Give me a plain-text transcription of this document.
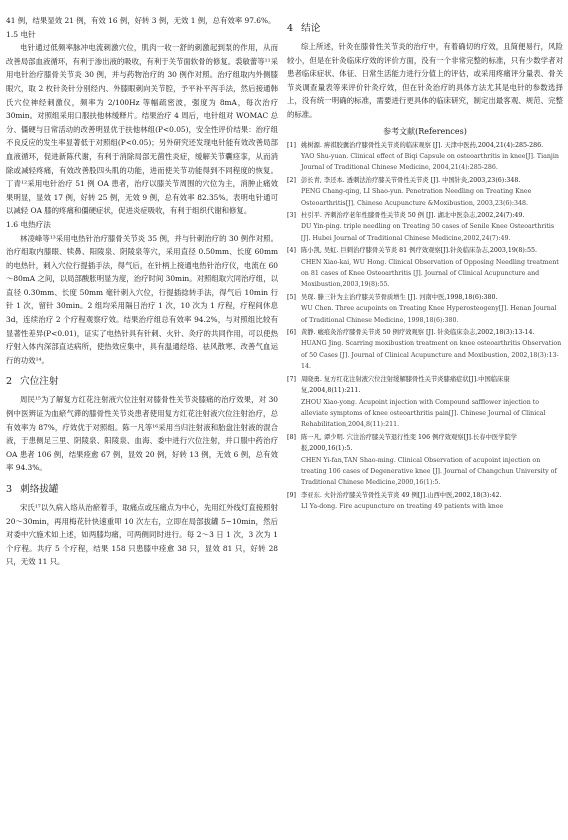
41 例，结果显效 21 例，有效 16 例，好转 3 例，无效 1 例，总有效率 97.6%。

1.5 电针

电针通过低频率脉冲电流刺激穴位，肌肉一收一舒的刺激起到泵的作用，从而改善局部血液循环，有利于渗出液的吸收，有利于关节面软骨的修复。裘敏蕾等¹¹采用电针治疗膝骨关节炎 30 例，并与药物治疗的 30 例作对照。治疗组取内外侧膝眼穴，取 2 枚针灸针分别经内、外膝眼刺向关节腔，予平补平泻手法，然后接通韩氏穴位神经刺激仪，频率为 2/100Hz 等幅疏密波，强度为 8mA，每次治疗 30min。对照组采用口服扶他林缓释片。结果治疗 4 周后，电针组对 WOMAC 总分、僵硬与日常活动的改善明显优于扶他林组(P<0.05)，安全性评价结果：治疗组不良反应的发生率显著低于对照组(P<0.05)；另外研究还发现电针能有效改善局部血液循环，促进新陈代谢，有利于消除局部无菌性炎症，缓解关节囊痉挛，从而消除或减轻疼痛，有效改善股四头肌的功能，进而使关节功能得到不同程度的恢复。丁青¹²采用电针治疗 51 例 OA 患者，治疗以膝关节周围的穴位为主，消肿止痛效果明显，显效 17 例，好转 25 例，无效 9 例，总有效率 82.35%。表明电针通可以减轻 OA 膝的疼痛和僵硬症状，促进炎症吸收，有利于组织代谢和修复。

1.6 电热疗法

林凌峰等¹³采用电热针治疗膝骨关节炎 35 例，并与针刺治疗的 30 例作对照。治疗组取内膝眼、犊鼻、阳陵泉、阴陵泉等穴，采用直径 0.50mm、长度 60mm 的电热针，刺入穴位行提插手法，得气后，在针柄上接通电热针治疗仪，电流在 60～80mA 之间，以局部酸胀明显为度，治疗时间 30min。对照组取穴同治疗组，以直径 0.30mm、长度 50mm 毫针刺入穴位，行提插捻转手法，得气后 10min 行针 1 次，留针 30min。2 组均采用隔日治疗 1 次，10 次为 1 疗程，疗程间休息 3d，连续治疗 2 个疗程观察疗效。结果治疗组总有效率 94.2%，与对照组比较有显著性差异(P<0.01)，证实了电热针具有针刺、火针、灸疗的共同作用，可以使热疗射入体内深部直达病所，使热效应集中，具有温通经络、祛风散寒、改善气血运行的功效¹⁴。

2 穴位注射

周民¹⁵为了解复方红花注射液穴位注射对膝骨性关节炎膝痛的治疗效果，对 30 例中医辨证为血瘀气滞的膝骨性关节炎患者使用复方红花注射液穴位注射治疗，总有效率为 87%，疗效优于对照组。陈一凡等¹⁶采用当归注射液和胎盘注射液的混合液，于患侧足三里、阴陵泉、阳陵泉、血海、委中进行穴位注射，并口服中药治疗 OA 患者 106 例，结果痊愈 67 例，显效 20 例，好转 13 例，无效 6 例，总有效率 94.3%。

3 刺络拔罐

宋氏¹⁷以久病入络从治瘀着手，取痛点或压痛点为中心，先用红外线灯直接照射 20～30min，再用梅花针快速重叩 10 次左右，立即在局部拔罐 5~10min，然后对委中穴施术如上述，如两膝均痛，可两侧同时进行。每 2～3 日 1 次，3 次为 1 个疗程。共疗 5 个疗程，结果 158 只患膝中痊愈 38 只，显效 81 只，好转 28 只，无效 11 只。

4 结论

综上所述，针灸在膝骨性关节炎的治疗中，有着确切的疗效，且简便易行，风险较小，但是在针灸临床疗效的评价方面，没有一个非常完整的标准，只有少数学者对患者临床症状、体征、日常生活能力进行分值上的评估，或采用疼痛评分量表、骨关节炎调查量表等来评价针灸疗效，但在针灸治疗的具体方法尤其是电针的参数选择上，没有统一明确的标准，需要进行更具体的临床研究，制定出最客观、规范、完整的标准。

参考文献(References)
[1] 姚树源. 痹祺胶囊治疗膝骨性关节炎的临床观察 [J]. 天津中医药,2004,21(4):285-286.
YAO Shu-yuan. Clinical effect of Biqi Capsule on osteoarthritis in knee[J]. Tianjin Journal of Traditional Chinese Medicine, 2004,21(4):285-286.
[2] 彭长青, 李还本. 透刺法治疗膝关节骨性关节炎 [J]. 中国针灸,2003,23(6):348.
PENG Chang-qing, LI Shao-yun. Penetration Needling on Treating Knee Osteoarthritis[J]. Chinese Acupuncture &Moxibustion, 2003,23(6):348.
[3] 杜引平. 齐刺治疗老年性膝骨性关节炎 50 例 [J]. 湖北中医杂志,2002,24(7):49.
DU Yin-ping. triple needling on Treating 50 cases of Senile Knee Osteoarthritis [J]. Hubei Journal of Traditional Chinese Medicine,2002,24(7):49.
[4] 陈小凯, 吴虹. 巨刺治疗膝骨关节炎 81 例疗效观察[J].针灸临床杂志,2003,19(8):55.
CHEN Xiao-kai, WU Hong. Clinical Observation of Opposing Needling treatment on 81 cases of Knee Osteoarthritis [J]. Journal of Clinical Acupuncture and Moxibustion,2003,19(8):55.
[5] 吴琛. 滕三针为主治疗膝关节骨质增生 [J]. 河南中医,1998,18(6):380.
WU Chen. Three acupoints on Treating Knee Hyperosteogeny[J]. Henan Journal of Traditional Chinese Medicine, 1998,18(6):380.
[6] 黄静. 瘢痕灸治疗膝骨关节炎 50 例疗效观察 [J]. 针灸临床杂志,2002,18(3):13-14.
HUANG Jing. Scarring moxibustion treatment on knee osteoarthritis Observation of 50 Cases [J]. Journal of Clinical Acupuncture and Moxibustion, 2002,18(3):13-14.
[7] 周晓勇. 复方红花注射液穴位注射缓解膝骨性关节炎膝痛症状[J].中国临床康复,2004,8(11):211.
ZHOU Xiao-yong. Acupoint injection with Compound safflower injection to alleviate symptoms of knee osteoarthritis pain[J]. Chinese Journal of Clinical Rehabilitation,2004,8(11):211.
[8] 陈一凡, 谭少明. 穴注治疗膝关节退行性变 106 例疗效观察[J].长春中医学院学报,2000,16(1):5.
CHEN Yi-fan,TAN Shao-ming. Clinical Observation of acupoint injection on treating 106 cases of Degenerative knee [J]. Journal of Changchun University of Traditional Chinese Medicine,2000,16(1):5.
[9] 李亚东. 火针治疗膝关节骨性关节炎 49 例[J].山西中医,2002,18(3):42.
LI Ya-dong. Fire acupuncture on treating 49 patients with knee
